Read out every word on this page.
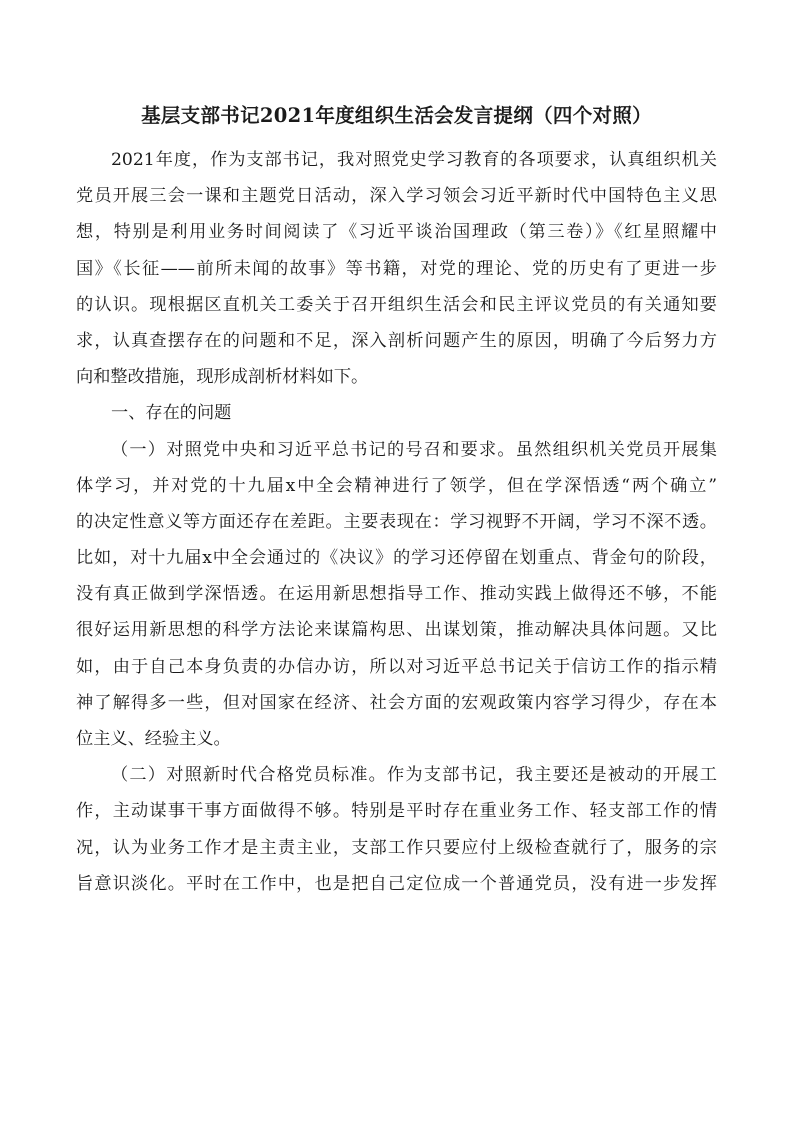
基层支部书记2021年度组织生活会发言提纲（四个对照）
2021年度，作为支部书记，我对照党史学习教育的各项要求，认真组织机关
党员开展三会一课和主题党日活动，深入学习领会习近平新时代中国特色主义思
想，特别是利用业务时间阅读了《习近平谈治国理政（第三卷）》《红星照耀中
国》《长征——前所未闻的故事》等书籍，对党的理论、党的历史有了更进一步
的认识。现根据区直机关工委关于召开组织生活会和民主评议党员的有关通知要
求，认真查摆存在的问题和不足，深入剖析问题产生的原因，明确了今后努力方
向和整改措施，现形成剖析材料如下。
一、存在的问题
（一）对照党中央和习近平总书记的号召和要求。虽然组织机关党员开展集
体学习，并对党的十九届x中全会精神进行了领学，但在学深悟透“两个确立”
的决定性意义等方面还存在差距。主要表现在：学习视野不开阔，学习不深不透。
比如，对十九届x中全会通过的《决议》的学习还停留在划重点、背金句的阶段，
没有真正做到学深悟透。在运用新思想指导工作、推动实践上做得还不够，不能
很好运用新思想的科学方法论来谋篇构思、出谋划策，推动解决具体问题。又比
如，由于自己本身负责的办信办访，所以对习近平总书记关于信访工作的指示精
神了解得多一些，但对国家在经济、社会方面的宏观政策内容学习得少，存在本
位主义、经验主义。
（二）对照新时代合格党员标准。作为支部书记，我主要还是被动的开展工
作，主动谋事干事方面做得不够。特别是平时存在重业务工作、轻支部工作的情
况，认为业务工作才是主责主业，支部工作只要应付上级检查就行了，服务的宗
旨意识淡化。平时在工作中，也是把自己定位成一个普通党员，没有进一步发挥
